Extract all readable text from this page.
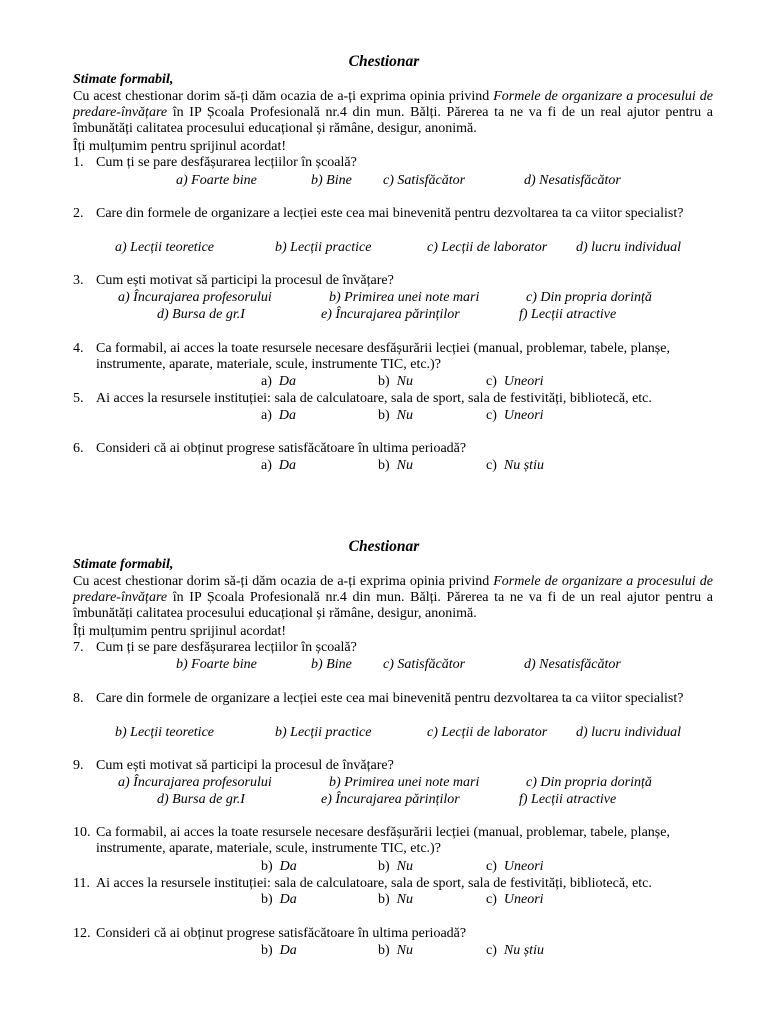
Chestionar
Stimate formabil,
Cu acest chestionar dorim să-ți dăm ocazia de a-ți exprima opinia privind Formele de organizare a procesului de predare-învățare în IP Școala Profesională nr.4 din mun. Bălți. Părerea ta ne va fi de un real ajutor pentru a îmbunătăți calitatea procesului educațional și rămâne, desigur, anonimă.
Îți mulțumim pentru sprijinul acordat!
1. Cum ți se pare desfășurarea lecțiilor în școală?
a) Foarte bine	b) Bine c) Satisfăcător	d) Nesatisfăcător
2. Care din formele de organizare a lecției este cea mai binevenită pentru dezvoltarea ta ca viitor specialist?
a) Lecții teoretice	b) Lecții practice	c) Lecții de laborator d) lucru individual
3. Cum ești motivat să participi la procesul de învățare?
a) Încurajarea profesorului	b) Primirea unei note mari	c) Din propria dorință
d) Bursa de gr.I	e) Încurajarea părinților	f) Lecții atractive
4. Ca formabil, ai acces la toate resursele necesare desfășurării lecției (manual, problemar, tabele, planșe, instrumente, aparate, materiale, scule, instrumente TIC, etc.)?
a) Da	b) Nu	c) Uneori
5. Ai acces la resursele instituției: sala de calculatoare, sala de sport, sala de festivități, bibliotecă, etc.
a) Da	b) Nu	c) Uneori
6. Consideri că ai obținut progrese satisfăcătoare în ultima perioadă?
a) Da	b) Nu	c) Nu știu
Chestionar
Stimate formabil,
Cu acest chestionar dorim să-ți dăm ocazia de a-ți exprima opinia privind Formele de organizare a procesului de predare-învățare în IP Școala Profesională nr.4 din mun. Bălți. Părerea ta ne va fi de un real ajutor pentru a îmbunătăți calitatea procesului educațional și rămâne, desigur, anonimă.
Îți mulțumim pentru sprijinul acordat!
7. Cum ți se pare desfășurarea lecțiilor în școală?
b) Foarte bine	b) Bine c) Satisfăcător	d) Nesatisfăcător
8. Care din formele de organizare a lecției este cea mai binevenită pentru dezvoltarea ta ca viitor specialist?
b) Lecții teoretice	b) Lecții practice	c) Lecții de laborator d) lucru individual
9. Cum ești motivat să participi la procesul de învățare?
a) Încurajarea profesorului	b) Primirea unei note mari	c) Din propria dorință
d) Bursa de gr.I	e) Încurajarea părinților	f) Lecții atractive
10. Ca formabil, ai acces la toate resursele necesare desfășurării lecției (manual, problemar, tabele, planșe, instrumente, aparate, materiale, scule, instrumente TIC, etc.)?
b) Da	b) Nu	c) Uneori
11. Ai acces la resursele instituției: sala de calculatoare, sala de sport, sala de festivități, bibliotecă, etc.
b) Da	b) Nu	c) Uneori
12. Consideri că ai obținut progrese satisfăcătoare în ultima perioadă?
b) Da	b) Nu	c) Nu știu
